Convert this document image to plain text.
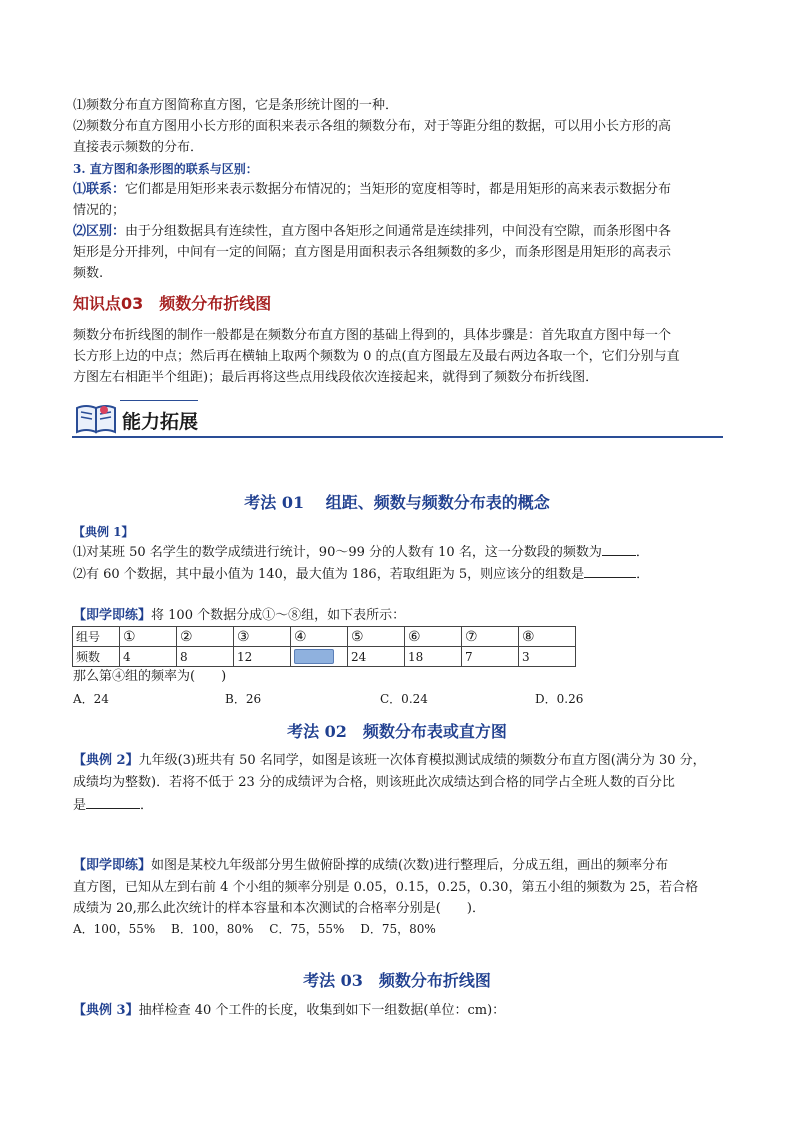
⑴频数分布直方图简称直方图，它是条形统计图的一种．
⑵频数分布直方图用小长方形的面积来表示各组的频数分布，对于等距分组的数据，可以用小长方形的高
直接表示频数的分布．
3. 直方图和条形图的联系与区别：
⑴联系：它们都是用矩形来表示数据分布情况的；当矩形的宽度相等时，都是用矩形的高来表示数据分布
情况的；
⑵区别：由于分组数据具有连续性，直方图中各矩形之间通常是连续排列，中间没有空隙，而条形图中各
矩形是分开排列，中间有一定的间隔；直方图是用面积表示各组频数的多少，而条形图是用矩形的高表示
频数.
知识点03　频数分布折线图
频数分布折线图的制作一般都是在频数分布直方图的基础上得到的，具体步骤是：首先取直方图中每一个
长方形上边的中点；然后再在横轴上取两个频数为 0 的点(直方图最左及最右两边各取一个，它们分别与直
方图左右相距半个组距)；最后再将这些点用线段依次连接起来，就得到了频数分布折线图．
能力拓展
考法 01　 组距、频数与频数分布表的概念
【典例 1】
⑴对某班 50 名学生的数学成绩进行统计，90～99 分的人数有 10 名，这一分数段的频数为	．
⑵有 60 个数据，其中最小值为 140，最大值为 186，若取组距为 5，则应该分的组数是	．
【即学即练】将 100 个数据分成①～⑧组，如下表所示：
组号	①	②	③	④	⑤	⑥	⑦	⑧
频数	4	8	12		24	18	7	3
那么第④组的频率为(　　)
A．24	B．26	C．0.24	D．0.26
考法 02　频数分布表或直方图
【典例 2】九年级(3)班共有 50 名同学，如图是该班一次体育模拟测试成绩的频数分布直方图(满分为 30 分，
成绩均为整数)．若将不低于 23 分的成绩评为合格，则该班此次成绩达到合格的同学占全班人数的百分比
是	．
【即学即练】如图是某校九年级部分男生做俯卧撑的成绩(次数)进行整理后，分成五组，画出的频率分布
直方图，已知从左到右前 4 个小组的频率分别是 0.05，0.15，0.25，0.30，第五小组的频数为 25，若合格
成绩为 20,那么此次统计的样本容量和本次测试的合格率分别是(　　)．
A．100，55%　 B．100，80%　 C．75，55%　 D．75，80%
考法 03　频数分布折线图
【典例 3】抽样检查 40 个工件的长度，收集到如下一组数据(单位：cm)：
